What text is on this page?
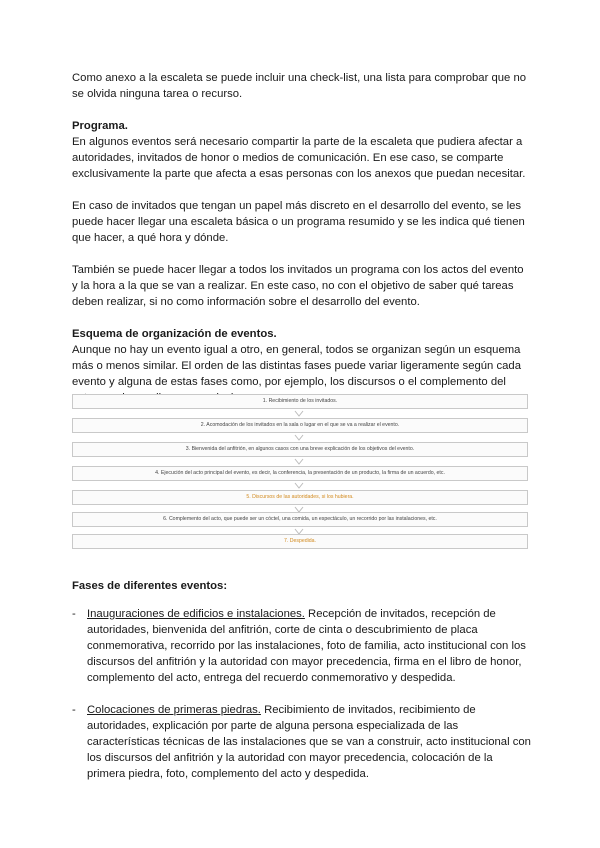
Como anexo a la escaleta se puede incluir una check-list, una lista para comprobar que no se olvida ninguna tarea o recurso.

Programa.

En algunos eventos será necesario compartir la parte de la escaleta que pudiera afectar a autoridades, invitados de honor o medios de comunicación. En ese caso, se comparte exclusivamente la parte que afecta a esas personas con los anexos que puedan necesitar.

En caso de invitados que tengan un papel más discreto en el desarrollo del evento, se les puede hacer llegar una escaleta básica o un programa resumido y se les indica qué tienen que hacer, a qué hora y dónde.

También se puede hacer llegar a todos los invitados un programa con los actos del evento y la hora a la que se van a realizar. En este caso, no con el objetivo de saber qué tareas deben realizar, si no como información sobre el desarrollo del evento.

Esquema de organización de eventos.

Aunque no hay un evento igual a otro, en general, todos se organizan según un esquema más o menos similar. El orden de las distintas fases puede variar ligeramente según cada evento y alguna de estas fases como, por ejemplo, los discursos o el complemento del

1. Recibimiento de los invitados.
2. Acomodación de los invitados en la sala o lugar en el que se va a realizar el evento.
3. Bienvenida del anfitrión, en algunos casos con una breve explicación de los objetivos del evento.
4. Ejecución del acto principal del evento, es decir, la conferencia, la presentación de un producto, la firma de un acuerdo, etc.
5. Discursos de las autoridades, si los hubiera.
6. Complemento del acto, que puede ser un cóctel, una comida, un espectáculo, un recorrido por las instalaciones, etc.
7. Despedida.

Fases de diferentes eventos:

- Inauguraciones de edificios e instalaciones. Recepción de invitados, recepción de autoridades, bienvenida del anfitrión, corte de cinta o descubrimiento de placa conmemorativa, recorrido por las instalaciones, foto de familia, acto institucional con los discursos del anfitrión y la autoridad con mayor precedencia, firma en el libro de honor, complemento del acto, entrega del recuerdo conmemorativo y despedida.
- Colocaciones de primeras piedras. Recibimiento de invitados, recibimiento de autoridades, explicación por parte de alguna persona especializada de las características técnicas de las instalaciones que se van a construir, acto institucional con los discursos del anfitrión y la autoridad con mayor precedencia, colocación de la primera piedra, foto, complemento del acto y despedida.
